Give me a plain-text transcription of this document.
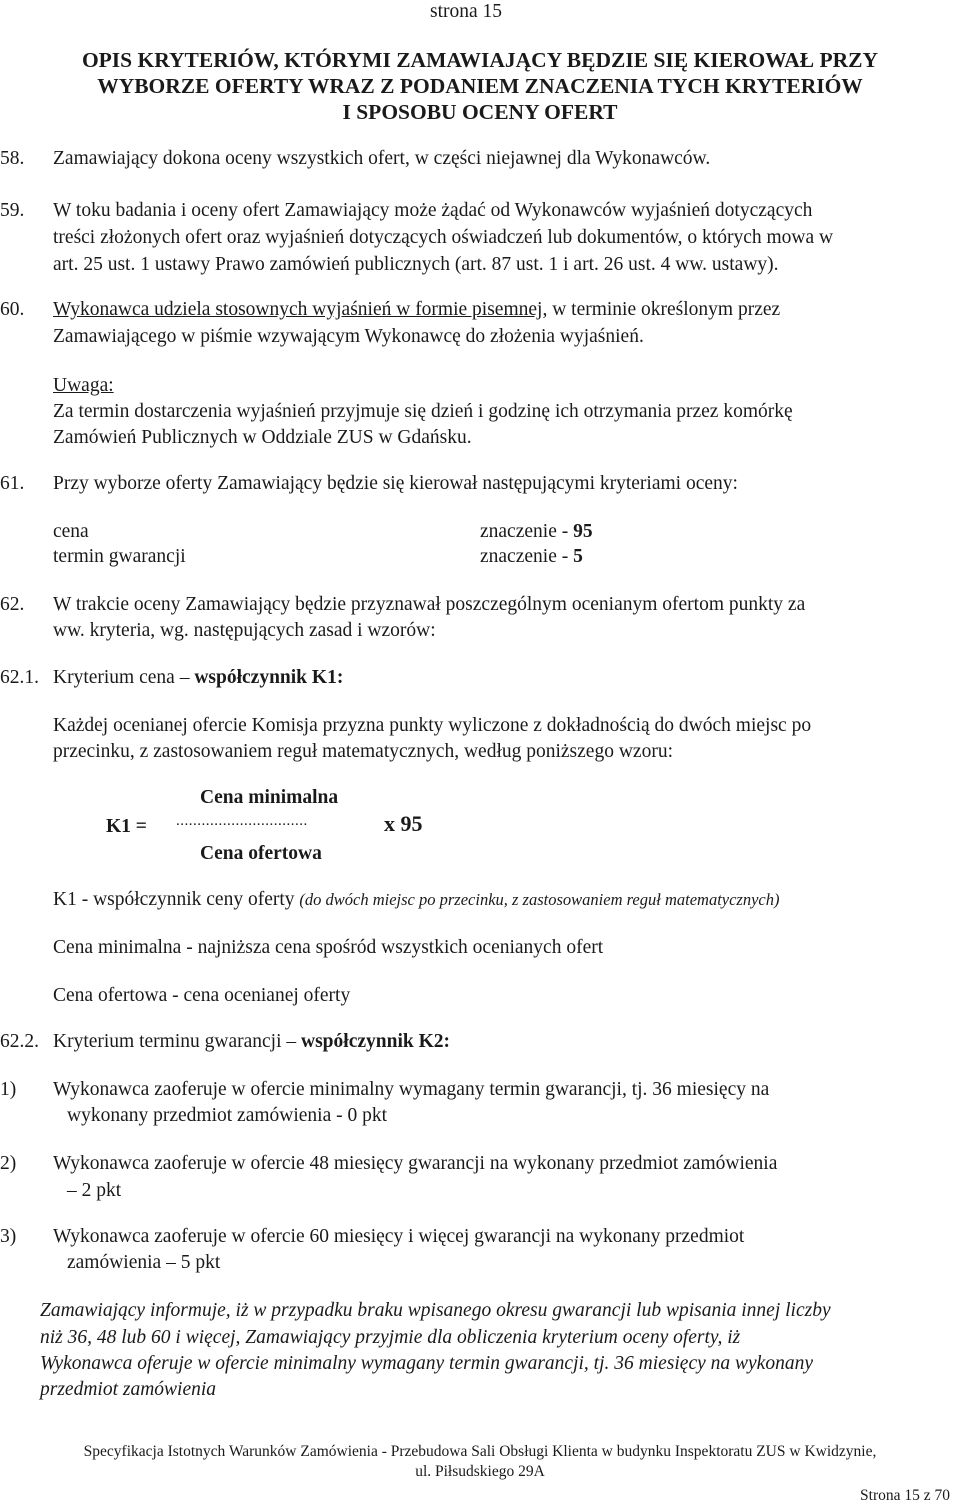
strona 15
OPIS KRYTERIÓW, KTÓRYMI ZAMAWIAJĄCY BĘDZIE SIĘ KIEROWAŁ PRZY
WYBORZE OFERTY WRAZ Z PODANIEM ZNACZENIA TYCH KRYTERIÓW
I SPOSOBU OCENY OFERT
58. Zamawiający dokona oceny wszystkich ofert, w części niejawnej dla Wykonawców.
59. W toku badania i oceny ofert Zamawiający może żądać od Wykonawców wyjaśnień dotyczących
treści złożonych ofert oraz wyjaśnień dotyczących oświadczeń lub dokumentów, o których mowa w
art. 25 ust. 1 ustawy Prawo zamówień publicznych (art. 87 ust. 1 i art. 26 ust. 4 ww. ustawy).
60. Wykonawca udziela stosownych wyjaśnień w formie pisemnej, w terminie określonym przez
Zamawiającego w piśmie wzywającym Wykonawcę do złożenia wyjaśnień.
Uwaga:
Za termin dostarczenia wyjaśnień przyjmuje się dzień i godzinę ich otrzymania przez komórkę
Zamówień Publicznych w Oddziale ZUS w Gdańsku.
61. Przy wyborze oferty Zamawiający będzie się kierował następującymi kryteriami oceny:
cena	znaczenie - 95
termin gwarancji	znaczenie - 5
62. W trakcie oceny Zamawiający będzie przyznawał poszczególnym ocenianym ofertom punkty za
ww. kryteria, wg. następujących zasad i wzorów:
62.1. Kryterium cena – współczynnik K1:
Każdej ocenianej ofercie Komisja przyzna punkty wyliczone z dokładnością do dwóch miejsc po
przecinku, z zastosowaniem reguł matematycznych, według poniższego wzoru:
Cena minimalna
K1 = ...............................	x 95
Cena ofertowa
K1 - współczynnik ceny oferty (do dwóch miejsc po przecinku, z zastosowaniem reguł matematycznych)
Cena minimalna - najniższa cena spośród wszystkich ocenianych ofert
Cena ofertowa - cena ocenianej oferty
62.2. Kryterium terminu gwarancji – współczynnik K2:
1) Wykonawca zaoferuje w ofercie minimalny wymagany termin gwarancji, tj. 36 miesięcy na
wykonany przedmiot zamówienia - 0 pkt
2) Wykonawca zaoferuje w ofercie 48 miesięcy gwarancji na wykonany przedmiot zamówienia
– 2 pkt
3) Wykonawca zaoferuje w ofercie 60 miesięcy i więcej gwarancji na wykonany przedmiot
zamówienia – 5 pkt
Zamawiający informuje, iż w przypadku braku wpisanego okresu gwarancji lub wpisania innej liczby
niż 36, 48 lub 60 i więcej, Zamawiający przyjmie dla obliczenia kryterium oceny oferty, iż
Wykonawca oferuje w ofercie minimalny wymagany termin gwarancji, tj. 36 miesięcy na wykonany
przedmiot zamówienia
Specyfikacja Istotnych Warunków Zamówienia - Przebudowa Sali Obsługi Klienta w budynku Inspektoratu ZUS w Kwidzynie,
ul. Piłsudskiego 29A
Strona 15 z 70
